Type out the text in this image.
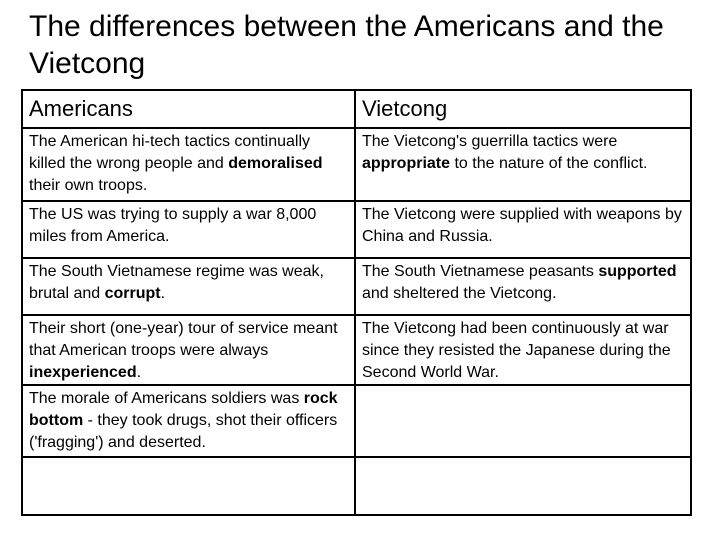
The differences between the Americans and the Vietcong
Americans	Vietcong
The American hi-tech tactics continually killed the wrong people and demoralised their own troops.	The Vietcong's guerrilla tactics were appropriate to the nature of the conflict.
The US was trying to supply a war 8,000 miles from America.	The Vietcong were supplied with weapons by China and Russia.
The South Vietnamese regime was weak, brutal and corrupt.	The South Vietnamese peasants supported and sheltered the Vietcong.
Their short (one-year) tour of service meant that American troops were always inexperienced.	The Vietcong had been continuously at war since they resisted the Japanese during the Second World War.
The morale of Americans soldiers was rock bottom - they took drugs, shot their officers ('fragging') and deserted.	
